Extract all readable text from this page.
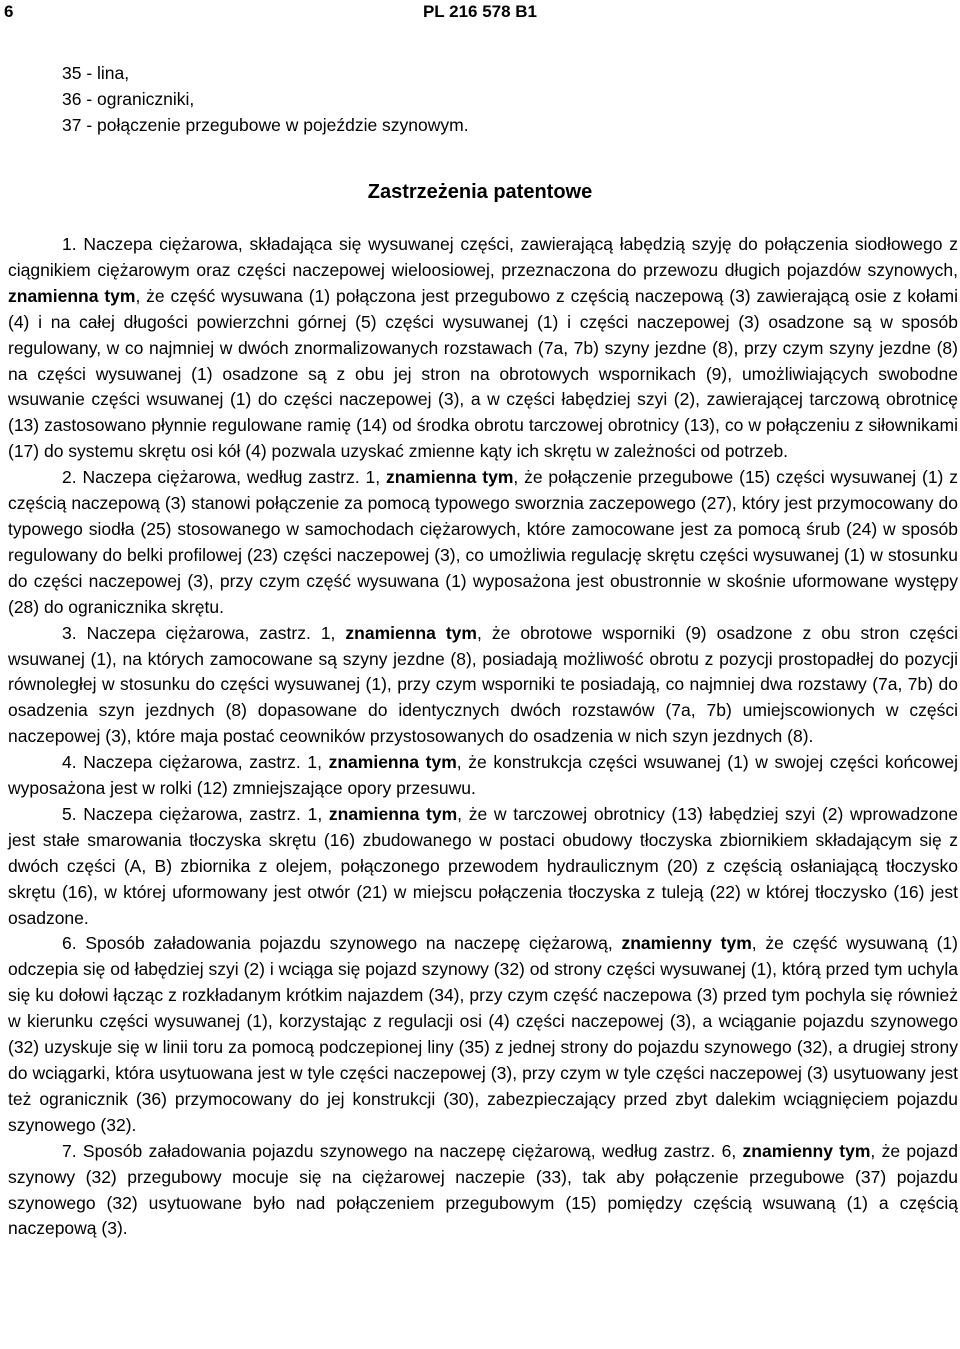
6	PL 216 578 B1
35 - lina,
36 - ograniczniki,
37 - połączenie przegubowe w pojeździe szynowym.
Zastrzeżenia patentowe

1. Naczepa ciężarowa, składająca się wysuwanej części, zawierającą łabędzią szyję do połączenia siodłowego z ciągnikiem ciężarowym oraz części naczepowej wieloosiowej, przeznaczona do przewozu długich pojazdów szynowych, znamienna tym, że część wysuwana (1) połączona jest przegubowo z częścią naczepową (3) zawierającą osie z kołami (4) i na całej długości powierzchni górnej (5) części wysuwanej (1) i części naczepowej (3) osadzone są w sposób regulowany, w co najmniej w dwóch znormalizowanych rozstawach (7a, 7b) szyny jezdne (8), przy czym szyny jezdne (8) na części wysuwanej (1) osadzone są z obu jej stron na obrotowych wspornikach (9), umożliwiających swobodne wsuwanie części wsuwanej (1) do części naczepowej (3), a w części łabędziej szyi (2), zawierającej tarczową obrotnicę (13) zastosowano płynnie regulowane ramię (14) od środka obrotu tarczowej obrotnicy (13), co w połączeniu z siłownikami (17) do systemu skrętu osi kół (4) pozwala uzyskać zmienne kąty ich skrętu w zależności od potrzeb.

2. Naczepa ciężarowa, według zastrz. 1, znamienna tym, że połączenie przegubowe (15) części wysuwanej (1) z częścią naczepową (3) stanowi połączenie za pomocą typowego sworznia zaczepowego (27), który jest przymocowany do typowego siodła (25) stosowanego w samochodach ciężarowych, które zamocowane jest za pomocą śrub (24) w sposób regulowany do belki profilowej (23) części naczepowej (3), co umożliwia regulację skrętu części wysuwanej (1) w stosunku do części naczepowej (3), przy czym część wysuwana (1) wyposażona jest obustronnie w skośnie uformowane występy (28) do ogranicznika skrętu.

3. Naczepa ciężarowa, zastrz. 1, znamienna tym, że obrotowe wsporniki (9) osadzone z obu stron części wsuwanej (1), na których zamocowane są szyny jezdne (8), posiadają możliwość obrotu z pozycji prostopadłej do pozycji równoległej w stosunku do części wysuwanej (1), przy czym wsporniki te posiadają, co najmniej dwa rozstawy (7a, 7b) do osadzenia szyn jezdnych (8) dopasowane do identycznych dwóch rozstawów (7a, 7b) umiejscowionych w części naczepowej (3), które maja postać ceowników przystosowanych do osadzenia w nich szyn jezdnych (8).

4. Naczepa ciężarowa, zastrz. 1, znamienna tym, że konstrukcja części wsuwanej (1) w swojej części końcowej wyposażona jest w rolki (12) zmniejszające opory przesuwu.

5. Naczepa ciężarowa, zastrz. 1, znamienna tym, że w tarczowej obrotnicy (13) łabędziej szyi (2) wprowadzone jest stałe smarowania tłoczyska skrętu (16) zbudowanego w postaci obudowy tłoczyska zbiornikiem składającym się z dwóch części (A, B) zbiornika z olejem, połączonego przewodem hydraulicznym (20) z częścią osłaniającą tłoczysko skrętu (16), w której uformowany jest otwór (21) w miejscu połączenia tłoczyska z tuleją (22) w której tłoczysko (16) jest osadzone.

6. Sposób załadowania pojazdu szynowego na naczepę ciężarową, znamienny tym, że część wysuwaną (1) odczepia się od łabędziej szyi (2) i wciąga się pojazd szynowy (32) od strony części wysuwanej (1), którą przed tym uchyla się ku dołowi łącząc z rozkładanym krótkim najazdem (34), przy czym część naczepowa (3) przed tym pochyla się również w kierunku części wysuwanej (1), korzystając z regulacji osi (4) części naczepowej (3), a wciąganie pojazdu szynowego (32) uzyskuje się w linii toru za pomocą podczepionej liny (35) z jednej strony do pojazdu szynowego (32), a drugiej strony do wciągarki, która usytuowana jest w tyle części naczepowej (3), przy czym w tyle części naczepowej (3) usytuowany jest też ogranicznik (36) przymocowany do jej konstrukcji (30), zabezpieczający przed zbyt dalekim wciągnięciem pojazdu szynowego (32).

7. Sposób załadowania pojazdu szynowego na naczepę ciężarową, według zastrz. 6, znamienny tym, że pojazd szynowy (32) przegubowy mocuje się na ciężarowej naczepie (33), tak aby połączenie przegubowe (37) pojazdu szynowego (32) usytuowane było nad połączeniem przegubowym (15) pomiędzy częścią wsuwaną (1) a częścią naczepową (3).
